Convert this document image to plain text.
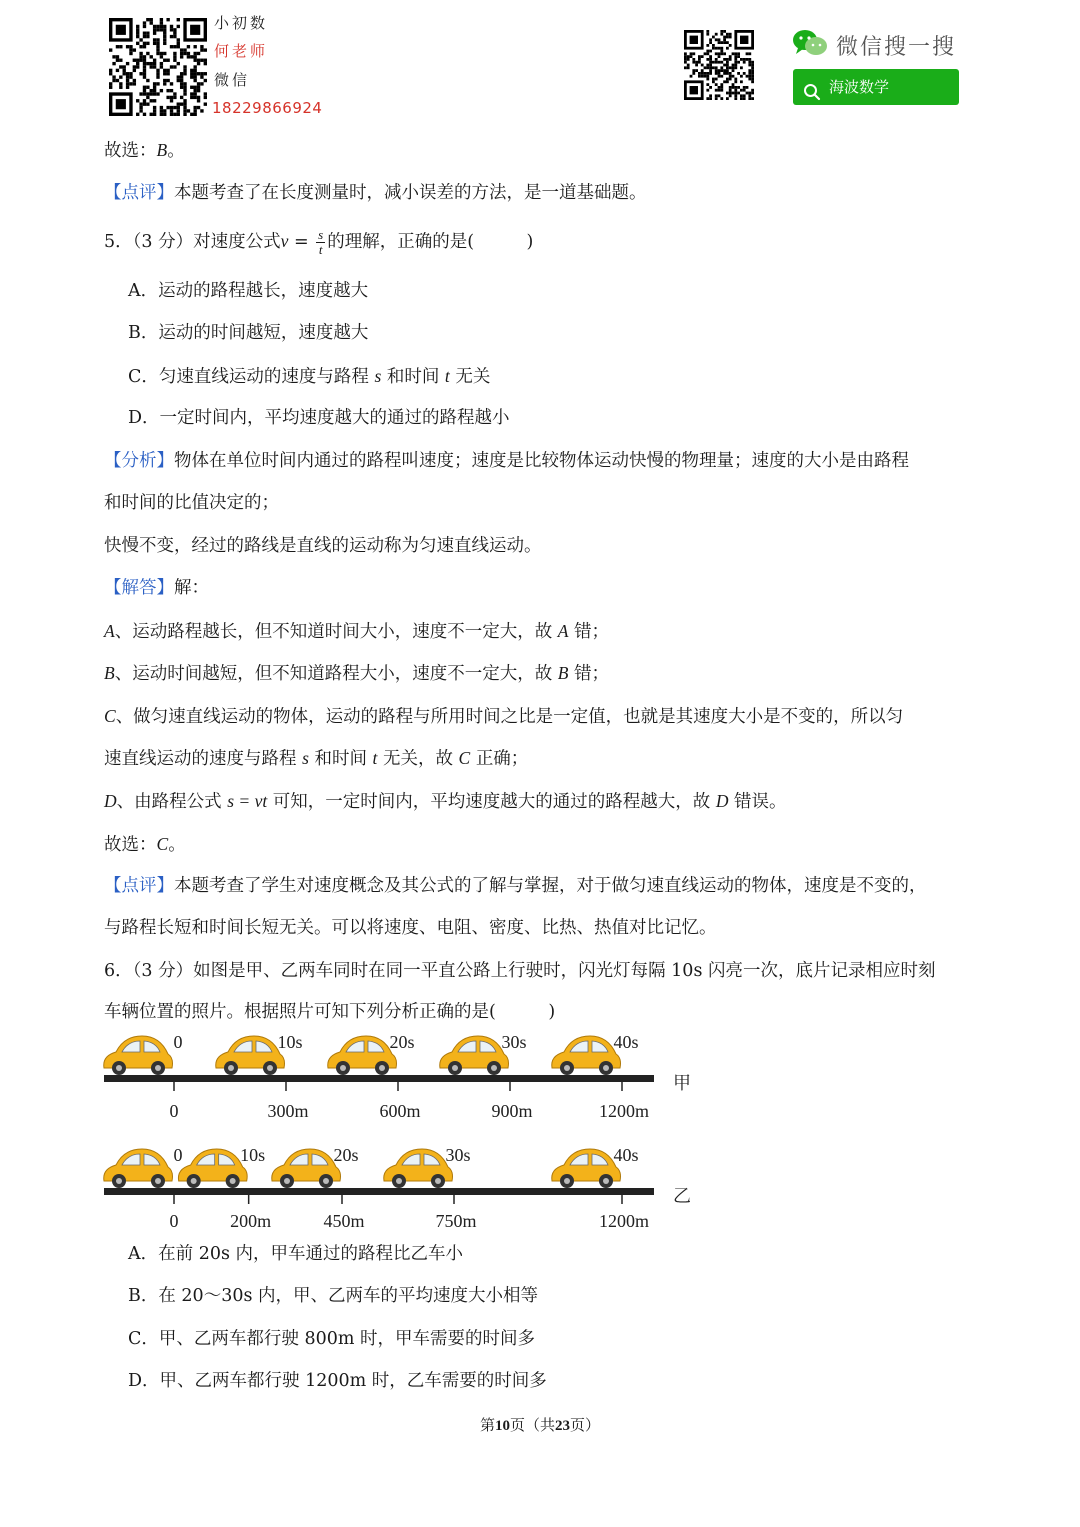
小初数
何老师
微信
18229866924
微信搜一搜
海波数学
故选：B。
【点评】本题考查了在长度测量时，减小误差的方法，是一道基础题。
5．（3 分）对速度公式$v = \frac{s}{t}$ 的理解，正确的是(　　　)
A．运动的路程越长，速度越大
B．运动的时间越短，速度越大
C．匀速直线运动的速度与路程 s 和时间 t 无关
D．一定时间内，平均速度越大的通过的路程越小
【分析】物体在单位时间内通过的路程叫速度；速度是比较物体运动快慢的物理量；速度的大小是由路程
和时间的比值决定的；
快慢不变，经过的路线是直线的运动称为匀速直线运动。
【解答】解：
A、运动路程越长，但不知道时间大小，速度不一定大，故 A 错；
B、运动时间越短，但不知道路程大小，速度不一定大，故 B 错；
C、做匀速直线运动的物体，运动的路程与所用时间之比是一定值，也就是其速度大小是不变的，所以匀
速直线运动的速度与路程 s 和时间 t 无关，故 C 正确；
D、由路程公式 s = vt 可知，一定时间内，平均速度越大的通过的路程越大，故 D 错误。
故选：C。
【点评】本题考查了学生对速度概念及其公式的了解与掌握，对于做匀速直线运动的物体，速度是不变的，
与路程长短和时间长短无关。可以将速度、电阻、密度、比热、热值对比记忆。
6．（3 分）如图是甲、乙两车同时在同一平直公路上行驶时，闪光灯每隔 10s 闪亮一次，底片记录相应时刻
车辆位置的照片。根据照片可知下列分析正确的是(　　　)
0	300m	600m	900m	1200m
0	10s	20s	30s	40s
甲
0	200m	450m	750m	1200m
0	10s	20s	30s	40s
乙
A．在前 20s 内，甲车通过的路程比乙车小
B．在 20～30s 内，甲、乙两车的平均速度大小相等
C．甲、乙两车都行驶 800m 时，甲车需要的时间多
D．甲、乙两车都行驶 1200m 时，乙车需要的时间多
第10页（共23页）
